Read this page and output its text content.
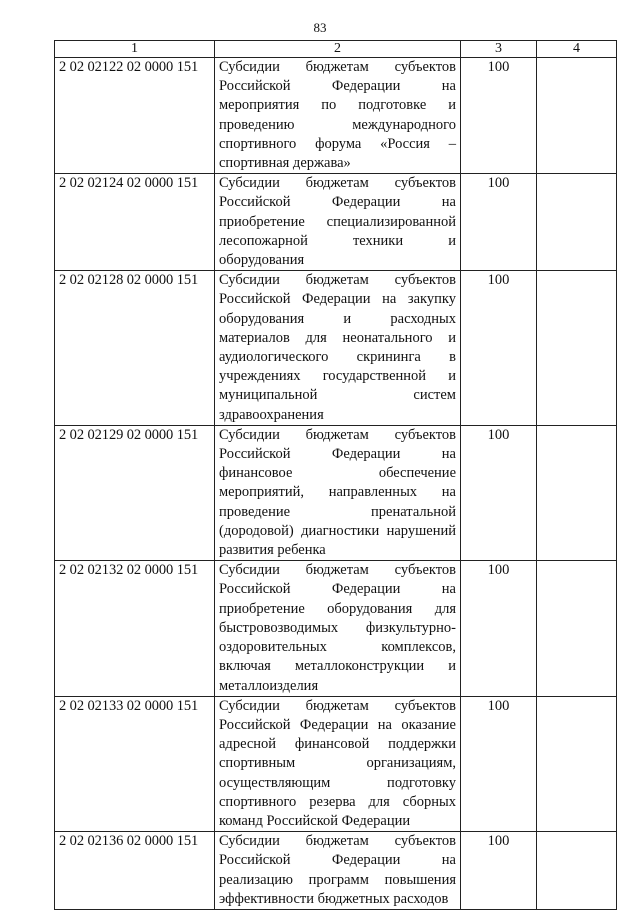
83
1	2	3	4
2 02 02122 02 0000 151	Субсидии бюджетам субъектов Российской Федерации на мероприятия по подготовке и проведению международного спортивного форума «Россия – спортивная держава»	100	
2 02 02124 02 0000 151	Субсидии бюджетам субъектов Российской Федерации на приобретение специализированной лесопожарной техники и оборудования	100	
2 02 02128 02 0000 151	Субсидии бюджетам субъектов Российской Федерации на закупку оборудования и расходных материалов для неонатального и аудиологического скрининга в учреждениях государственной и муниципальной систем здравоохранения	100	
2 02 02129 02 0000 151	Субсидии бюджетам субъектов Российской Федерации на финансовое обеспечение мероприятий, направленных на проведение пренатальной (дородовой) диагностики нарушений развития ребенка	100	
2 02 02132 02 0000 151	Субсидии бюджетам субъектов Российской Федерации на приобретение оборудования для быстровозводимых физкультурно-оздоровительных комплексов, включая металлоконструкции и металлоизделия	100	
2 02 02133 02 0000 151	Субсидии бюджетам субъектов Российской Федерации на оказание адресной финансовой поддержки спортивным организациям, осуществляющим подготовку спортивного резерва для сборных команд Российской Федерации	100	
2 02 02136 02 0000 151	Субсидии бюджетам субъектов Российской Федерации на реализацию программ повышения эффективности бюджетных расходов	100	
